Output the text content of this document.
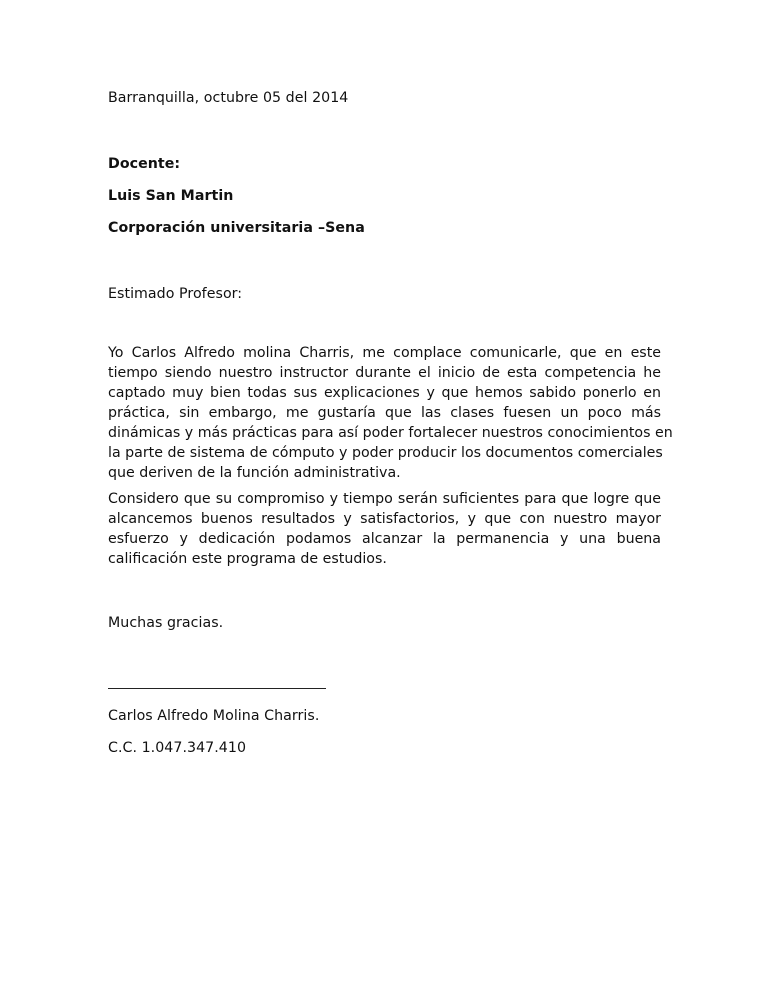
Barranquilla, octubre 05 del 2014
Docente:
Luis San Martin
Corporación universitaria –Sena
Estimado Profesor:
Yo Carlos Alfredo molina Charris, me complace comunicarle, que en este
tiempo siendo nuestro instructor durante el inicio de esta competencia he
captado muy bien todas sus explicaciones y que hemos sabido ponerlo en
práctica, sin embargo, me gustaría que las clases fuesen un poco más
dinámicas y más prácticas para así poder fortalecer nuestros conocimientos en
la parte de sistema de cómputo y poder producir los documentos comerciales
que deriven de la función administrativa.
Considero que su compromiso y tiempo serán suficientes para que logre que
alcancemos buenos resultados y satisfactorios, y que con nuestro mayor
esfuerzo y dedicación podamos alcanzar la permanencia y una buena
calificación este programa de estudios.
Muchas gracias.
Carlos Alfredo Molina Charris.
C.C. 1.047.347.410
